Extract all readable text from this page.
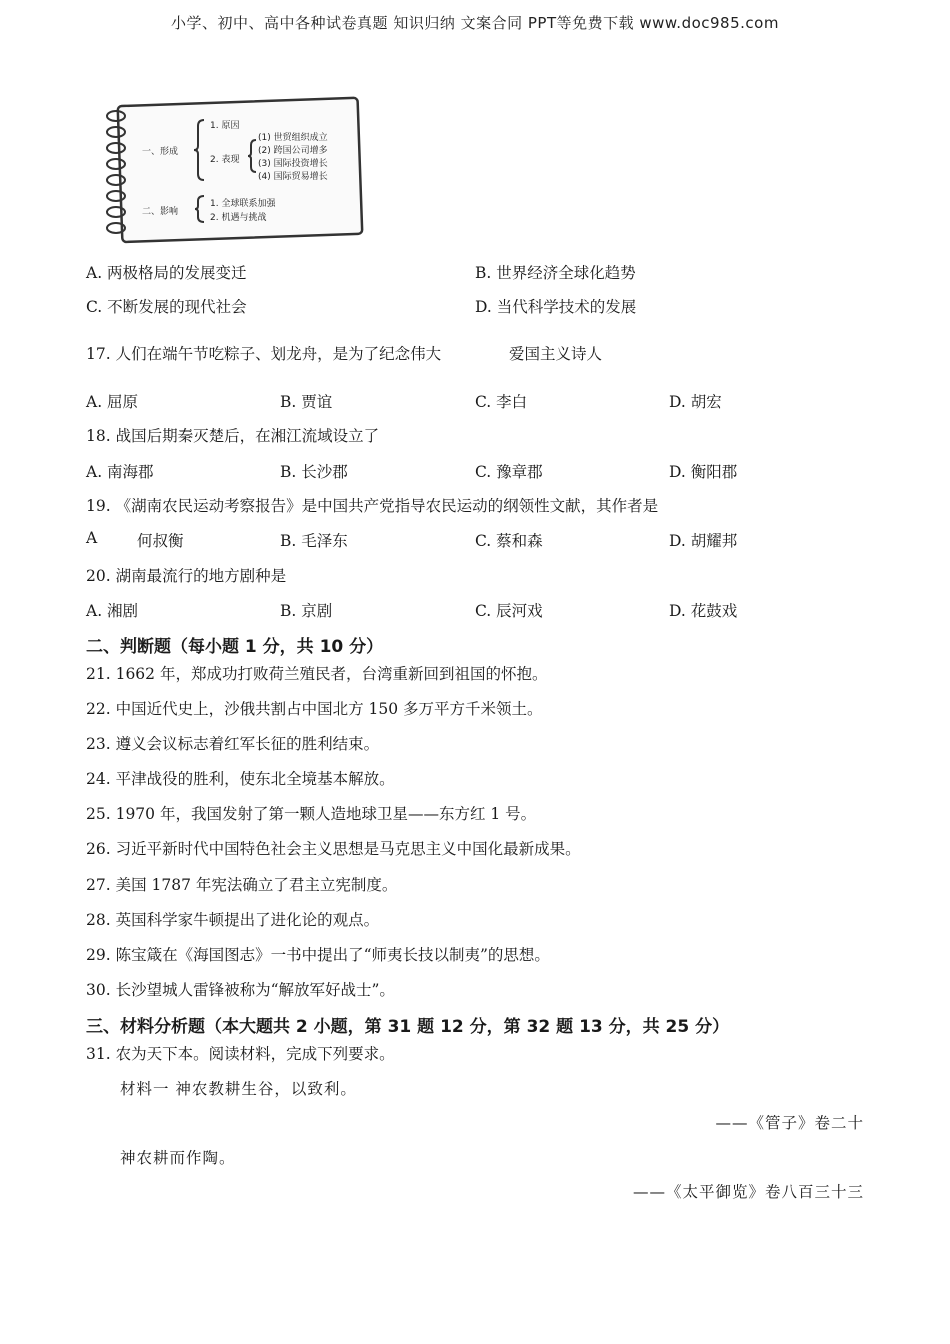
小学、初中、高中各种试卷真题 知识归纳 文案合同 PPT等免费下载 www.doc985.com
一、形成
1. 原因
2. 表现
(1) 世贸组织成立
(2) 跨国公司增多
(3) 国际投资增长
(4) 国际贸易增长
二、影响
1. 全球联系加强
2. 机遇与挑战
A. 两极格局的发展变迁	B. 世界经济全球化趋势
C. 不断发展的现代社会	D. 当代科学技术的发展
17. 人们在端午节吃粽子、划龙舟，是为了纪念伟大	爱国主义诗人
A. 屈原	B. 贾谊	C. 李白	D. 胡宏
18. 战国后期秦灭楚后，在湘江流域设立了
A. 南海郡	B. 长沙郡	C. 豫章郡	D. 衡阳郡
19. 《湖南农民运动考察报告》是中国共产党指导农民运动的纲领性文献，其作者是
A	何叔衡	B. 毛泽东	C. 蔡和森	D. 胡耀邦
20. 湖南最流行的地方剧种是
A. 湘剧	B. 京剧	C. 辰河戏	D. 花鼓戏
二、判断题（每小题 1 分，共 10 分）
21. 1662 年，郑成功打败荷兰殖民者，台湾重新回到祖国的怀抱。
22. 中国近代史上，沙俄共割占中国北方 150 多万平方千米领土。
23. 遵义会议标志着红军长征的胜利结束。
24. 平津战役的胜利，使东北全境基本解放。
25. 1970 年，我国发射了第一颗人造地球卫星——东方红 1 号。
26. 习近平新时代中国特色社会主义思想是马克思主义中国化最新成果。
27. 美国 1787 年宪法确立了君主立宪制度。
28. 英国科学家牛顿提出了进化论的观点。
29. 陈宝箴在《海国图志》一书中提出了“师夷长技以制夷”的思想。
30. 长沙望城人雷锋被称为“解放军好战士”。
三、材料分析题（本大题共 2 小题，第 31 题 12 分，第 32 题 13 分，共 25 分）
31. 农为天下本。阅读材料，完成下列要求。
材料一 神农教耕生谷，以致利。
——《管子》卷二十
神农耕而作陶。
——《太平御览》卷八百三十三
